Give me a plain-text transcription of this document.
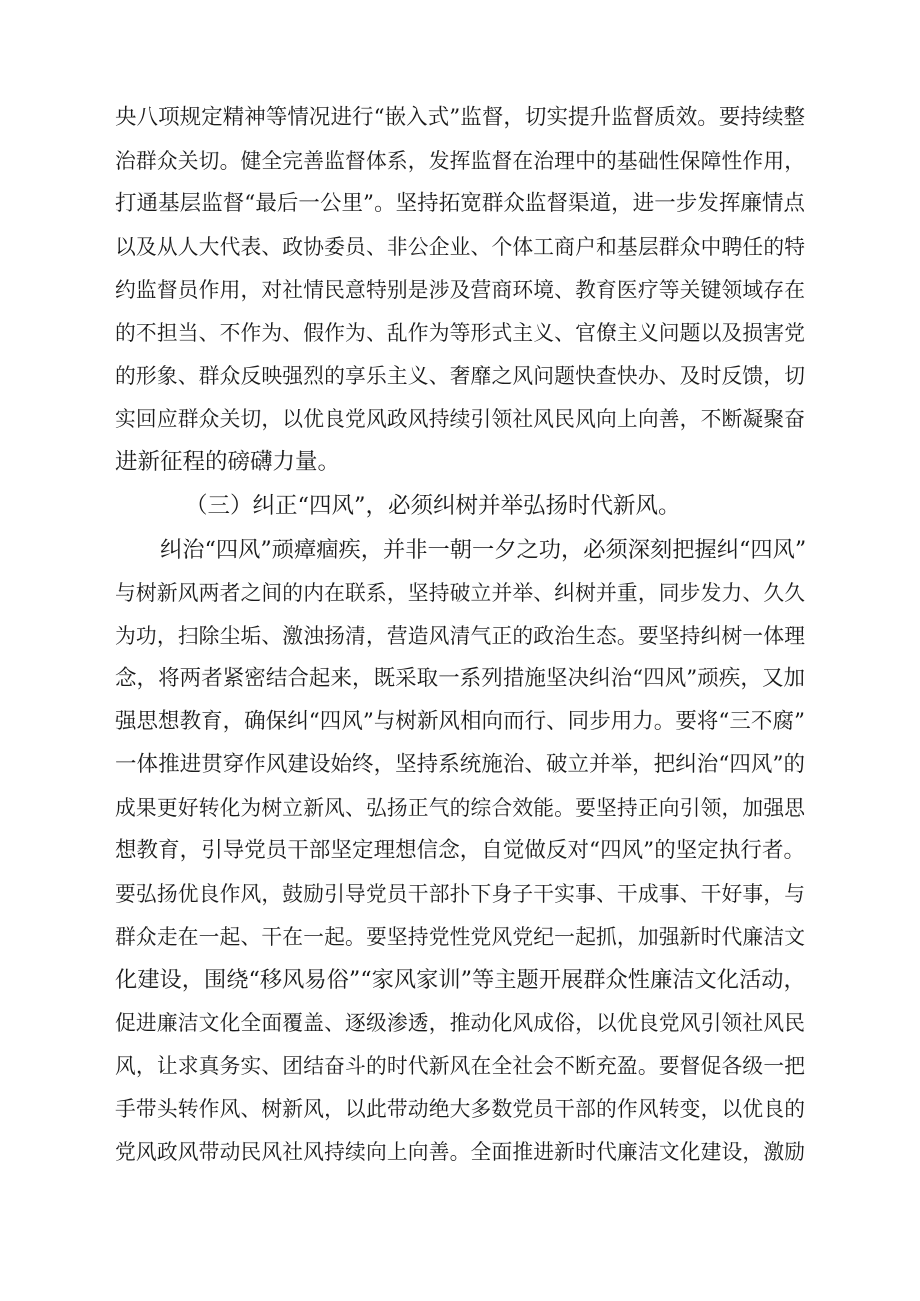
央八项规定精神等情况进行“嵌入式”监督，切实提升监督质效。要持续整
治群众关切。健全完善监督体系，发挥监督在治理中的基础性保障性作用，
打通基层监督“最后一公里”。坚持拓宽群众监督渠道，进一步发挥廉情点
以及从人大代表、政协委员、非公企业、个体工商户和基层群众中聘任的特
约监督员作用，对社情民意特别是涉及营商环境、教育医疗等关键领域存在
的不担当、不作为、假作为、乱作为等形式主义、官僚主义问题以及损害党
的形象、群众反映强烈的享乐主义、奢靡之风问题快查快办、及时反馈，切
实回应群众关切，以优良党风政风持续引领社风民风向上向善，不断凝聚奋
进新征程的磅礴力量。
（三）纠正“四风”，必须纠树并举弘扬时代新风。
纠治“四风”顽瘴痼疾，并非一朝一夕之功，必须深刻把握纠“四风”
与树新风两者之间的内在联系，坚持破立并举、纠树并重，同步发力、久久
为功，扫除尘垢、激浊扬清，营造风清气正的政治生态。要坚持纠树一体理
念，将两者紧密结合起来，既采取一系列措施坚决纠治“四风”顽疾，又加
强思想教育，确保纠“四风”与树新风相向而行、同步用力。要将“三不腐”
一体推进贯穿作风建设始终，坚持系统施治、破立并举，把纠治“四风”的
成果更好转化为树立新风、弘扬正气的综合效能。要坚持正向引领，加强思
想教育，引导党员干部坚定理想信念，自觉做反对“四风”的坚定执行者。
要弘扬优良作风，鼓励引导党员干部扑下身子干实事、干成事、干好事，与
群众走在一起、干在一起。要坚持党性党风党纪一起抓，加强新时代廉洁文
化建设，围绕“移风易俗”“家风家训”等主题开展群众性廉洁文化活动，
促进廉洁文化全面覆盖、逐级渗透，推动化风成俗，以优良党风引领社风民
风，让求真务实、团结奋斗的时代新风在全社会不断充盈。要督促各级一把
手带头转作风、树新风，以此带动绝大多数党员干部的作风转变，以优良的
党风政风带动民风社风持续向上向善。全面推进新时代廉洁文化建设，激励
